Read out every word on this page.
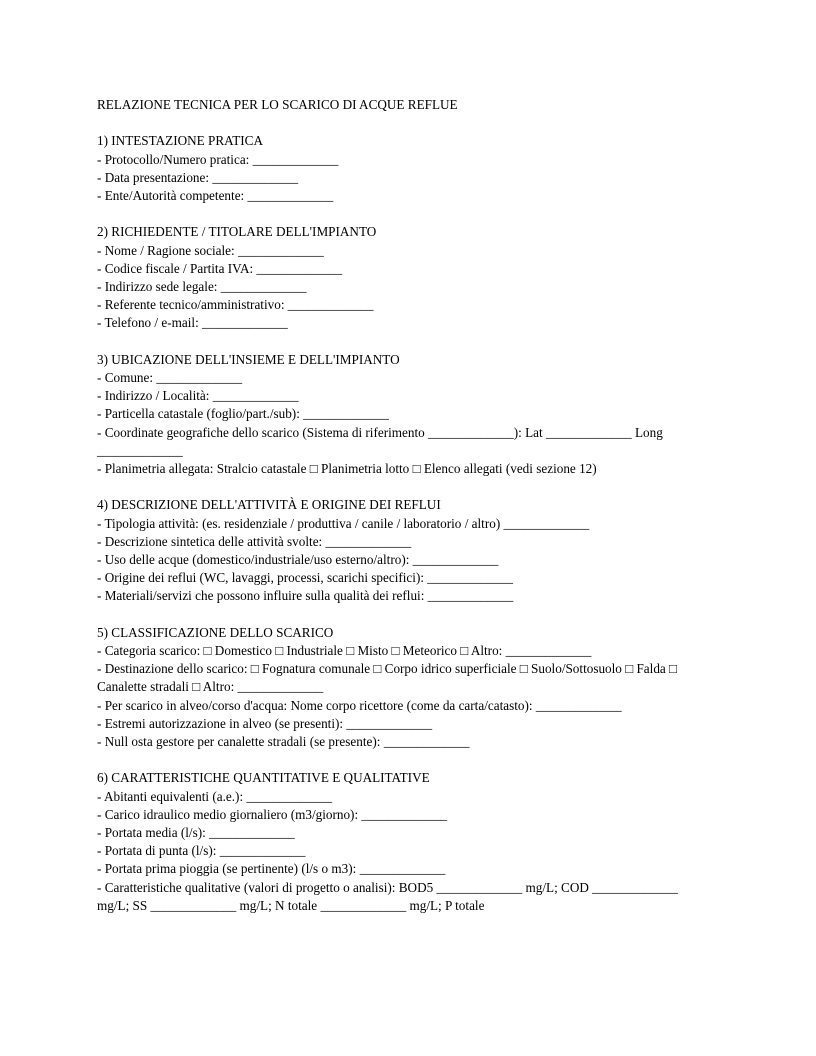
RELAZIONE TECNICA PER LO SCARICO DI ACQUE REFLUE
1) INTESTAZIONE PRATICA
- Protocollo/Numero pratica: _____________
- Data presentazione: _____________
- Ente/Autorità competente: _____________
2) RICHIEDENTE / TITOLARE DELL'IMPIANTO
- Nome / Ragione sociale: _____________
- Codice fiscale / Partita IVA: _____________
- Indirizzo sede legale: _____________
- Referente tecnico/amministrativo: _____________
- Telefono / e-mail: _____________
3) UBICAZIONE DELL'INSIEME E DELL'IMPIANTO
- Comune: _____________
- Indirizzo / Località: _____________
- Particella catastale (foglio/part./sub): _____________
- Coordinate geografiche dello scarico (Sistema di riferimento _____________): Lat _____________ Long _____________
- Planimetria allegata: Stralcio catastale □ Planimetria lotto □ Elenco allegati (vedi sezione 12)
4) DESCRIZIONE DELL'ATTIVITÀ E ORIGINE DEI REFLUI
- Tipologia attività: (es. residenziale / produttiva / canile / laboratorio / altro) _____________
- Descrizione sintetica delle attività svolte: _____________
- Uso delle acque (domestico/industriale/uso esterno/altro): _____________
- Origine dei reflui (WC, lavaggi, processi, scarichi specifici): _____________
- Materiali/servizi che possono influire sulla qualità dei reflui: _____________
5) CLASSIFICAZIONE DELLO SCARICO
- Categoria scarico: □ Domestico □ Industriale □ Misto □ Meteorico □ Altro: _____________
- Destinazione dello scarico: □ Fognatura comunale □ Corpo idrico superficiale □ Suolo/Sottosuolo □ Falda □ Canalette stradali □ Altro: _____________
- Per scarico in alveo/corso d'acqua: Nome corpo ricettore (come da carta/catasto): _____________
- Estremi autorizzazione in alveo (se presenti): _____________
- Null osta gestore per canalette stradali (se presente): _____________
6) CARATTERISTICHE QUANTITATIVE E QUALITATIVE
- Abitanti equivalenti (a.e.): _____________
- Carico idraulico medio giornaliero (m3/giorno): _____________
- Portata media (l/s): _____________
- Portata di punta (l/s): _____________
- Portata prima pioggia (se pertinente) (l/s o m3): _____________
- Caratteristiche qualitative (valori di progetto o analisi): BOD5 _____________ mg/L; COD _____________ mg/L; SS _____________ mg/L; N totale _____________ mg/L; P totale
